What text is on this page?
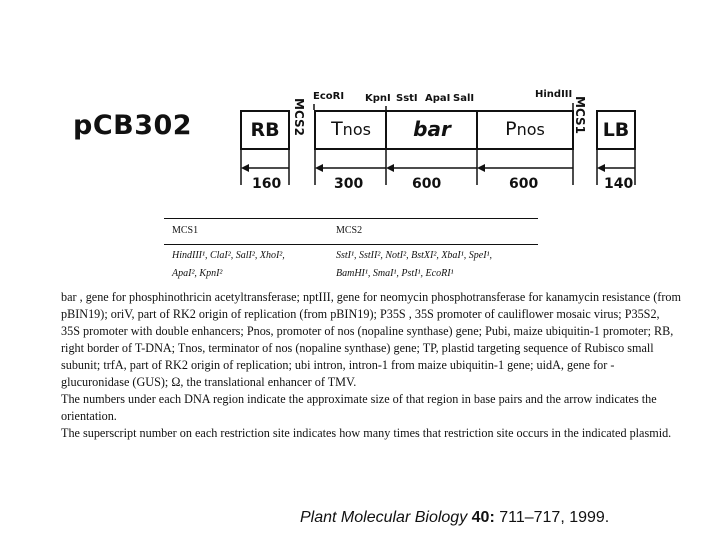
pCB302	RB MCS2	Tnos	bar	Pnos	MCS1 LB
EcoRI KpnI SstI ApaI SalI	HindIII
160	300	600	600	140
MCS1	MCS2
HindIII¹, ClaI², SalI², XhoI²,	SstI¹, SstII², NotI², BstXI², XbaI¹, SpeI¹,
ApaI², KpnI²	BamHI¹, SmaI¹, PstI¹, EcoRI¹

bar , gene for phosphinothricin acetyltransferase; nptIII, gene for neomycin phosphotransferase for kanamycin resistance (from pBIN19); oriV, part of RK2 origin of replication (from pBIN19); P35S , 35S promoter of cauliflower mosaic virus; P35S2, 35S promoter with double enhancers; Pnos, promoter of nos (nopaline synthase) gene; Pubi, maize ubiquitin-1 promoter; RB, right border of T-DNA; Tnos, terminator of nos (nopaline synthase) gene; TP, plastid targeting sequence of Rubisco small subunit; trfA, part of RK2 origin of replication; ubi intron, intron-1 from maize ubiquitin-1 gene; uidA, gene for -glucuronidase (GUS); Ω, the translational enhancer of TMV.

The numbers under each DNA region indicate the approximate size of that region in base pairs and the arrow indicates the orientation.

The superscript number on each restriction site indicates how many times that restriction site occurs in the indicated plasmid.

Plant Molecular Biology 40: 711–717, 1999.
